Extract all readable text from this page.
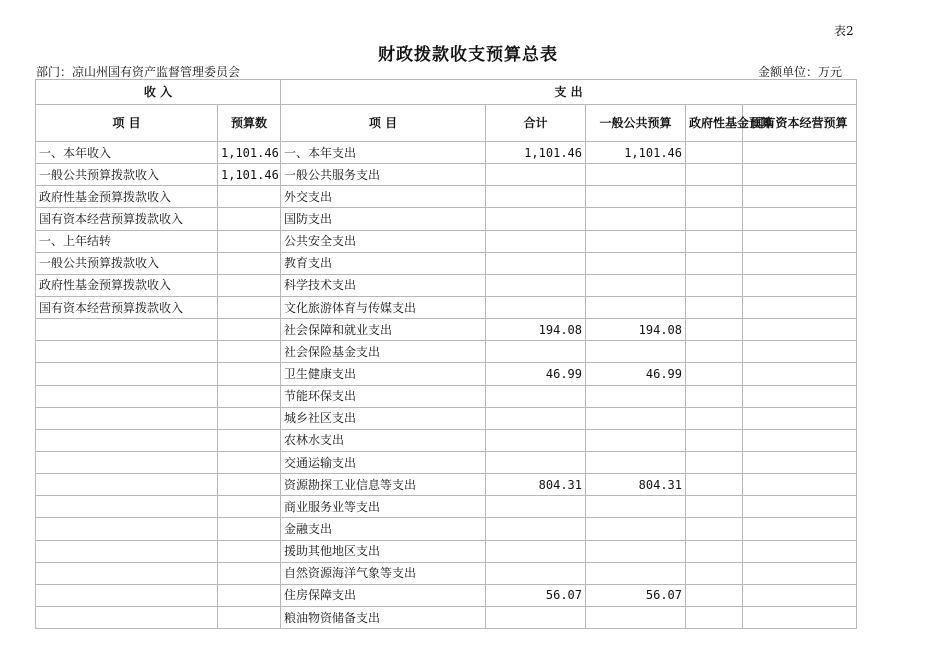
表2
财政拨款收支预算总表
部门：凉山州国有资产监督管理委员会	金额单位：万元
收 入		支 出				
项 目	预算数	项 目	合计	一般公共预算	政府性基金预算	国有资本经营预算
一、本年收入	1,101.46	一、本年支出	1,101.46	1,101.46		
一般公共预算拨款收入	1,101.46	一般公共服务支出				
政府性基金预算拨款收入		外交支出				
国有资本经营预算拨款收入		国防支出				
一、上年结转		公共安全支出				
一般公共预算拨款收入		教育支出				
政府性基金预算拨款收入		科学技术支出				
国有资本经营预算拨款收入		文化旅游体育与传媒支出				
		社会保障和就业支出	194.08	194.08		
		社会保险基金支出				
		卫生健康支出	46.99	46.99		
		节能环保支出				
		城乡社区支出				
		农林水支出				
		交通运输支出				
		资源勘探工业信息等支出	804.31	804.31		
		商业服务业等支出				
		金融支出				
		援助其他地区支出				
		自然资源海洋气象等支出				
		住房保障支出	56.07	56.07		
		粮油物资储备支出				
